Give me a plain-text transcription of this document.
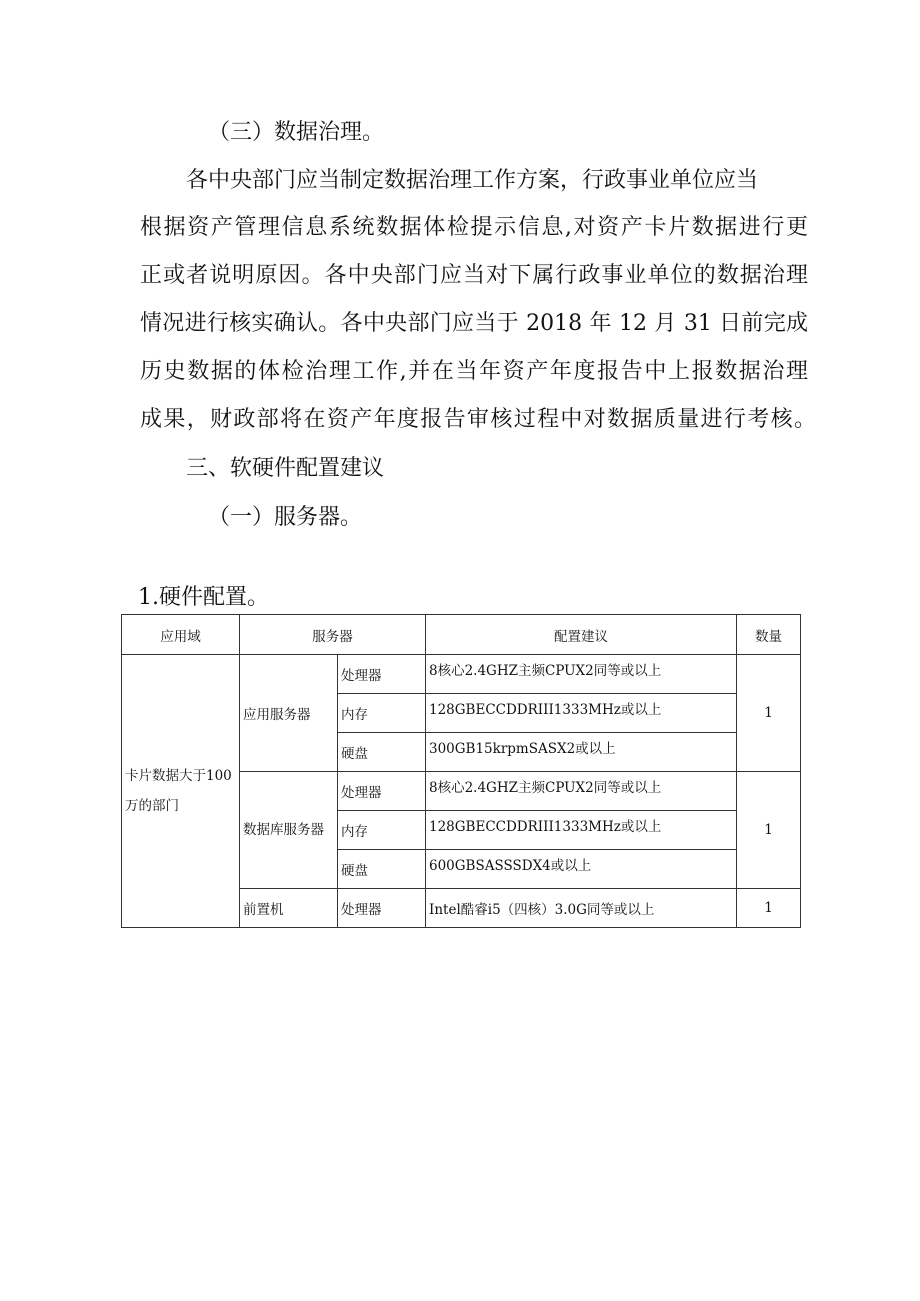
（三）数据治理。
各中央部门应当制定数据治理工作方案，行政事业单位应当
根据资产管理信息系统数据体检提示信息,对资产卡片数据进行更
正或者说明原因。各中央部门应当对下属行政事业单位的数据治理
情况进行核实确认。各中央部门应当于 2018 年 12 月 31 日前完成
历史数据的体检治理工作,并在当年资产年度报告中上报数据治理
成果，财政部将在资产年度报告审核过程中对数据质量进行考核。
三、软硬件配置建议
（一）服务器。
1.硬件配置。
应用域	服务器		配置建议	数量
卡片数据大于100万的部门	应用服务器	处理器	8核心2.4GHZ主频CPUX2同等或以上	1
		内存	128GBECCDDRIII1333MHz或以上	
		硬盘	300GB15krpmSASX2或以上	
	数据库服务器	处理器	8核心2.4GHZ主频CPUX2同等或以上	1
		内存	128GBECCDDRIII1333MHz或以上	
		硬盘	600GBSASSSDX4或以上	
	前置机	处理器	Intel酷睿i5（四核）3.0G同等或以上	1
